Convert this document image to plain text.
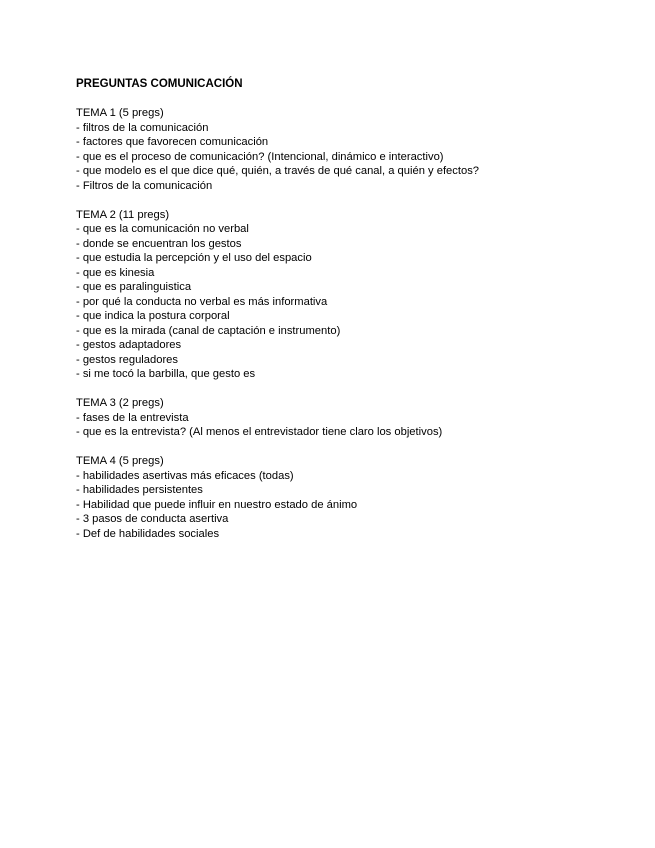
PREGUNTAS COMUNICACIÓN
TEMA 1 (5 pregs)
- filtros de la comunicación
- factores que favorecen comunicación
- que es el proceso de comunicación? (Intencional, dinámico e interactivo)
- que modelo es el que dice qué, quién, a través de qué canal, a quién y efectos?
- Filtros de la comunicación
TEMA 2 (11 pregs)
- que es la comunicación no verbal
- donde se encuentran los gestos
- que estudia la percepción y el uso del espacio
- que es kinesia
- que es paralinguistica
- por qué la conducta no verbal es más informativa
- que indica la postura corporal
- que es la mirada (canal de captación e instrumento)
- gestos adaptadores
- gestos reguladores
- si me tocó la barbilla, que gesto es
TEMA 3 (2 pregs)
- fases de la entrevista
- que es la entrevista? (Al menos el entrevistador tiene claro los objetivos)
TEMA 4 (5 pregs)
- habilidades asertivas más eficaces (todas)
- habilidades persistentes
- Habilidad que puede influir en nuestro estado de ánimo
- 3 pasos de conducta asertiva
- Def de habilidades sociales
